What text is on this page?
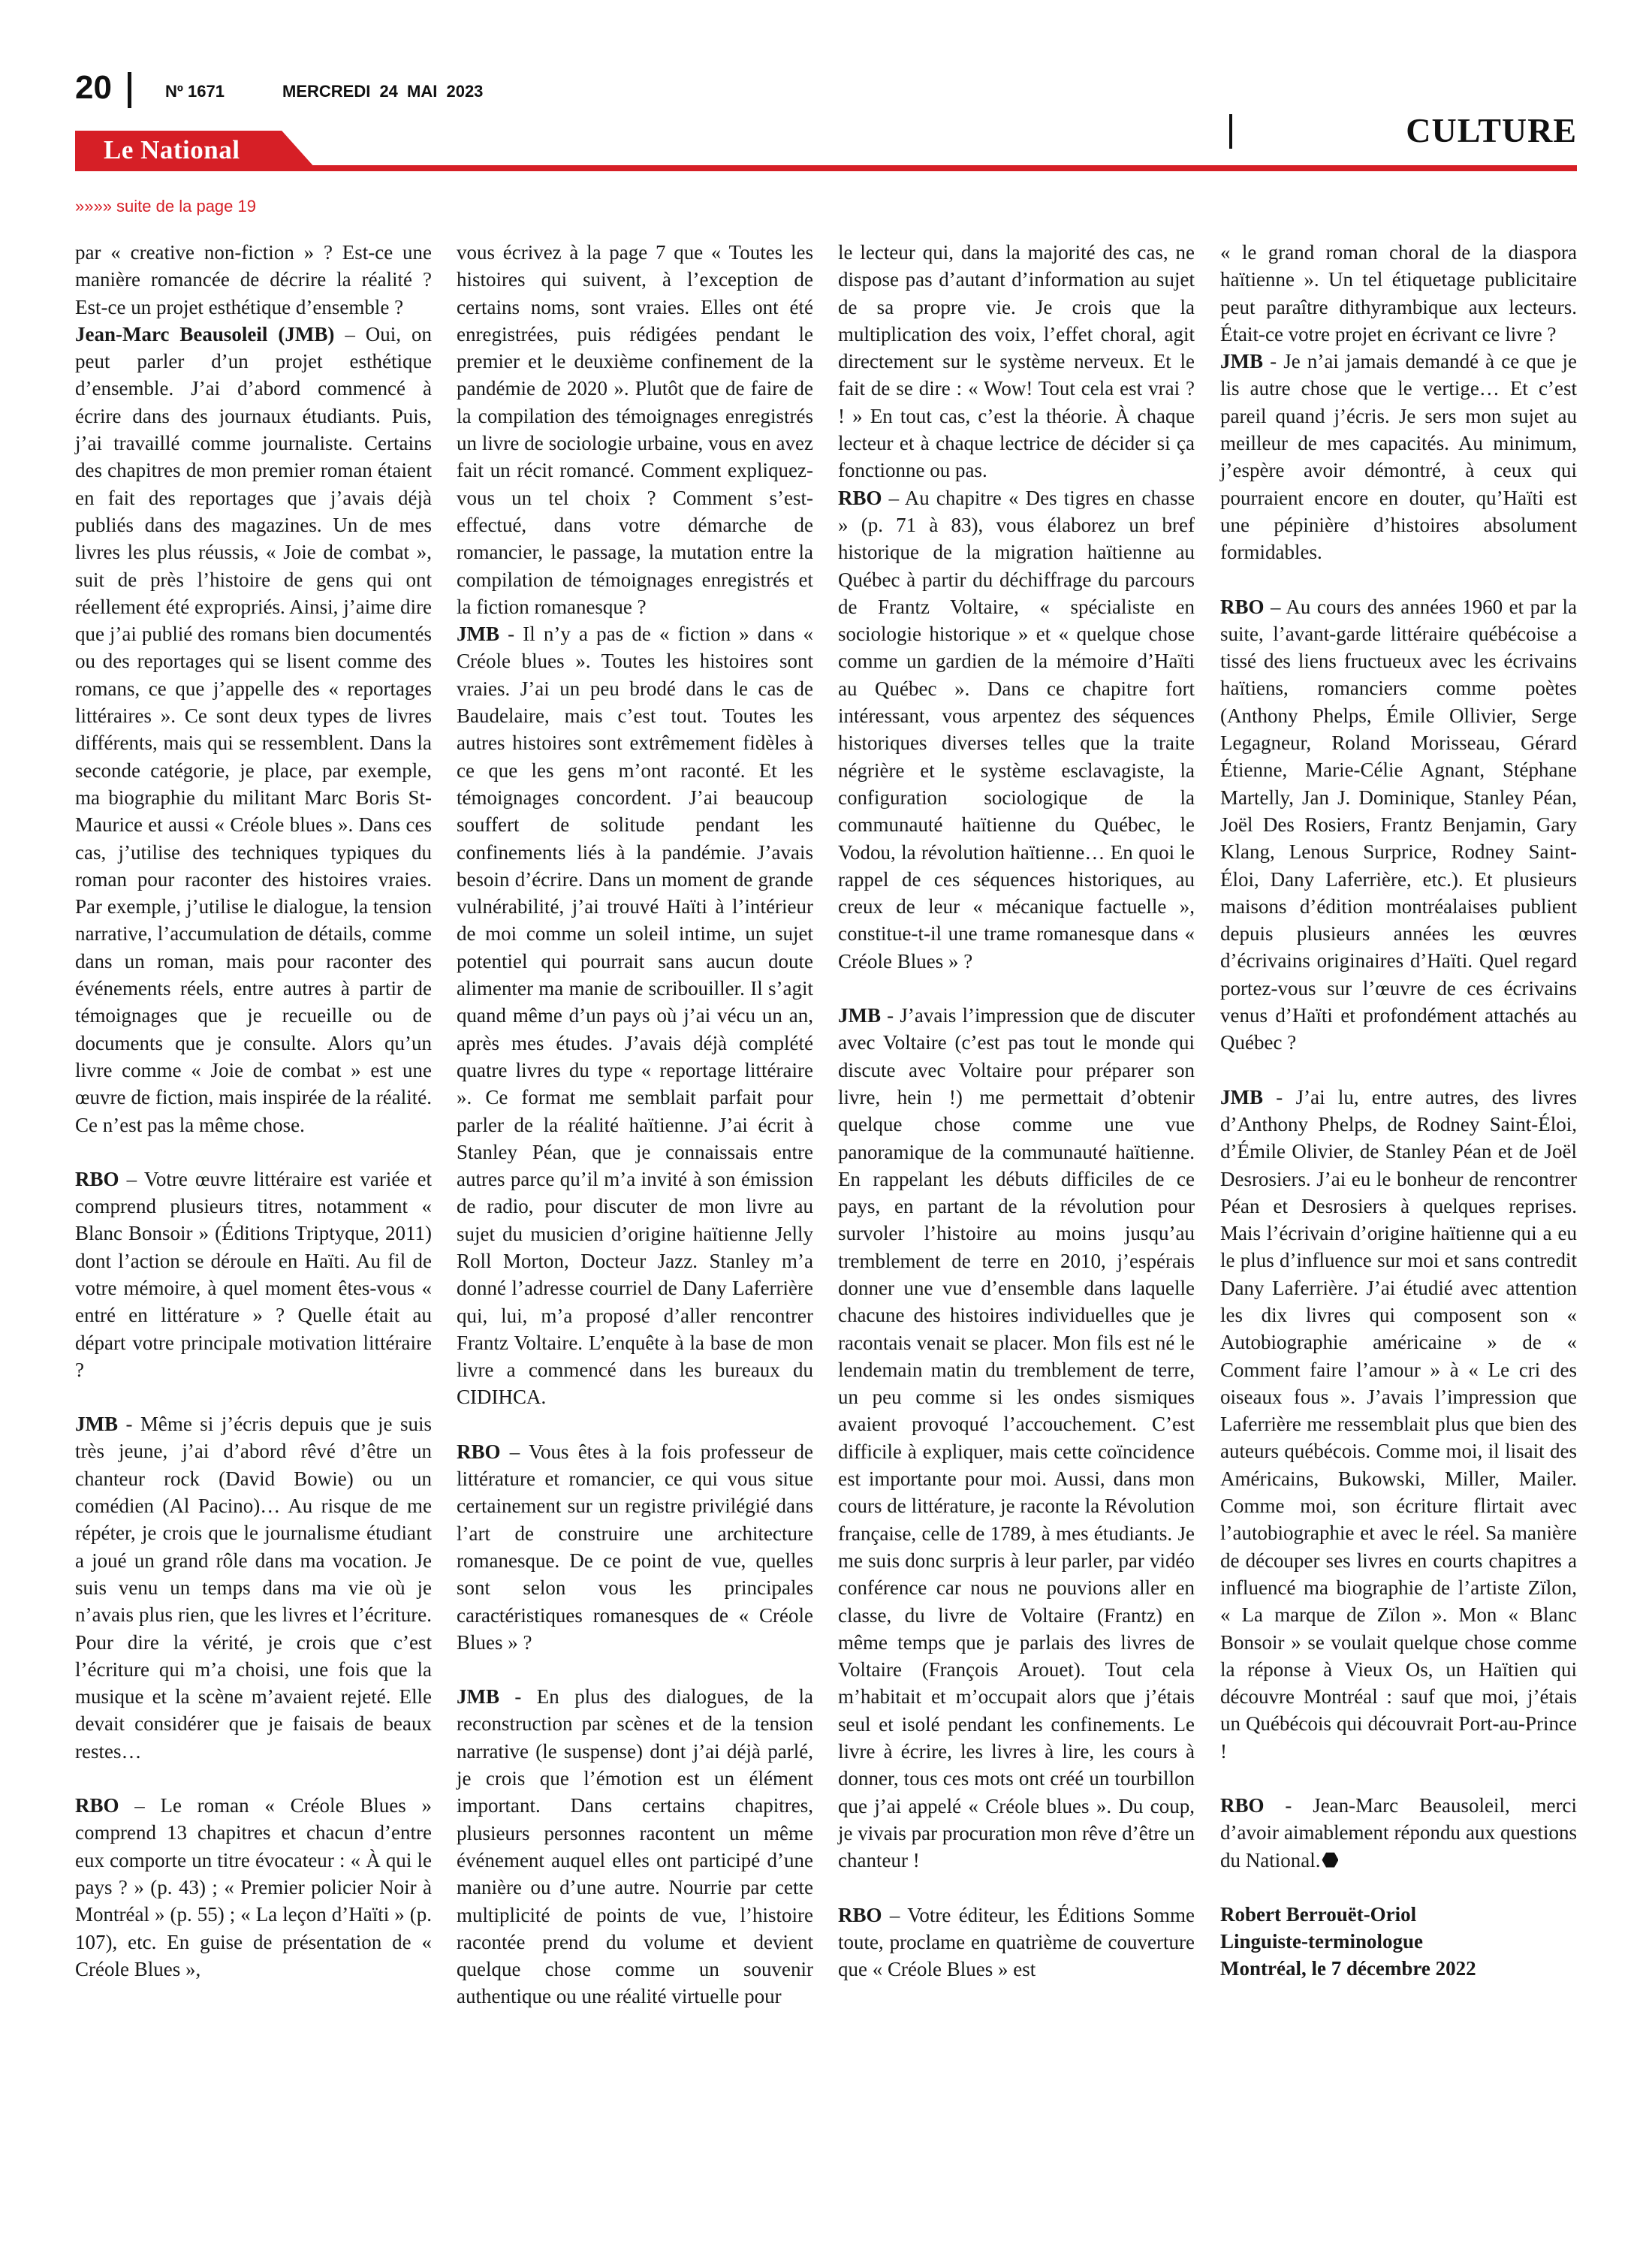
20	Nº 1671	MERCREDI 24 MAI 2023
Le National
CULTURE
»»»» suite de la page 19

par « creative non-fiction » ? Est-ce une manière romancée de décrire la réalité ? Est-ce un projet esthétique d’ensemble ?

Jean-Marc Beausoleil (JMB) – Oui, on peut parler d’un projet esthétique d’ensemble. J’ai d’abord commencé à écrire dans des journaux étudiants. Puis, j’ai travaillé comme journaliste. Certains des chapitres de mon premier roman étaient en fait des reportages que j’avais déjà publiés dans des magazines. Un de mes livres les plus réussis, « Joie de combat », suit de près l’histoire de gens qui ont réellement été expropriés. Ainsi, j’aime dire que j’ai publié des romans bien documentés ou des reportages qui se lisent comme des romans, ce que j’appelle des « reportages littéraires ». Ce sont deux types de livres différents, mais qui se ressemblent. Dans la seconde catégorie, je place, par exemple, ma biographie du militant Marc Boris St-Maurice et aussi « Créole blues ». Dans ces cas, j’utilise des techniques typiques du roman pour raconter des histoires vraies. Par exemple, j’utilise le dialogue, la tension narrative, l’accumulation de détails, comme dans un roman, mais pour raconter des événements réels, entre autres à partir de témoignages que je recueille ou de documents que je consulte. Alors qu’un livre comme « Joie de combat » est une œuvre de fiction, mais inspirée de la réalité. Ce n’est pas la même chose.

RBO – Votre œuvre littéraire est variée et comprend plusieurs titres, notamment « Blanc Bonsoir » (Éditions Triptyque, 2011) dont l’action se déroule en Haïti. Au fil de votre mémoire, à quel moment êtes-vous « entré en littérature » ? Quelle était au départ votre principale motivation littéraire ?

JMB - Même si j’écris depuis que je suis très jeune, j’ai d’abord rêvé d’être un chanteur rock (David Bowie) ou un comédien (Al Pacino)… Au risque de me répéter, je crois que le journalisme étudiant a joué un grand rôle dans ma vocation. Je suis venu un temps dans ma vie où je n’avais plus rien, que les livres et l’écriture. Pour dire la vérité, je crois que c’est l’écriture qui m’a choisi, une fois que la musique et la scène m’avaient rejeté. Elle devait considérer que je faisais de beaux restes…

RBO – Le roman « Créole Blues » comprend 13 chapitres et chacun d’entre eux comporte un titre évocateur : « À qui le pays ? » (p. 43) ; « Premier policier Noir à Montréal » (p. 55) ; « La leçon d’Haïti » (p. 107), etc. En guise de présentation de « Créole Blues »,

vous écrivez à la page 7 que « Toutes les histoires qui suivent, à l’exception de certains noms, sont vraies. Elles ont été enregistrées, puis rédigées pendant le premier et le deuxième confinement de la pandémie de 2020 ». Plutôt que de faire de la compilation des témoignages enregistrés un livre de sociologie urbaine, vous en avez fait un récit romancé. Comment expliquez-vous un tel choix ? Comment s’est-effectué, dans votre démarche de romancier, le passage, la mutation entre la compilation de témoignages enregistrés et la fiction romanesque ?

JMB - Il n’y a pas de « fiction » dans « Créole blues ». Toutes les histoires sont vraies. J’ai un peu brodé dans le cas de Baudelaire, mais c’est tout. Toutes les autres histoires sont extrêmement fidèles à ce que les gens m’ont raconté. Et les témoignages concordent. J’ai beaucoup souffert de solitude pendant les confinements liés à la pandémie. J’avais besoin d’écrire. Dans un moment de grande vulnérabilité, j’ai trouvé Haïti à l’intérieur de moi comme un soleil intime, un sujet potentiel qui pourrait sans aucun doute alimenter ma manie de scribouiller. Il s’agit quand même d’un pays où j’ai vécu un an, après mes études. J’avais déjà complété quatre livres du type « reportage littéraire ». Ce format me semblait parfait pour parler de la réalité haïtienne. J’ai écrit à Stanley Péan, que je connaissais entre autres parce qu’il m’a invité à son émission de radio, pour discuter de mon livre au sujet du musicien d’origine haïtienne Jelly Roll Morton, Docteur Jazz. Stanley m’a donné l’adresse courriel de Dany Laferrière qui, lui, m’a proposé d’aller rencontrer Frantz Voltaire. L’enquête à la base de mon livre a commencé dans les bureaux du CIDIHCA.

RBO – Vous êtes à la fois professeur de littérature et romancier, ce qui vous situe certainement sur un registre privilégié dans l’art de construire une architecture romanesque. De ce point de vue, quelles sont selon vous les principales caractéristiques romanesques de « Créole Blues » ?

JMB - En plus des dialogues, de la reconstruction par scènes et de la tension narrative (le suspense) dont j’ai déjà parlé, je crois que l’émotion est un élément important. Dans certains chapitres, plusieurs personnes racontent un même événement auquel elles ont participé d’une manière ou d’une autre. Nourrie par cette multiplicité de points de vue, l’histoire racontée prend du volume et devient quelque chose comme un souvenir authentique ou une réalité virtuelle pour

le lecteur qui, dans la majorité des cas, ne dispose pas d’autant d’information au sujet de sa propre vie. Je crois que la multiplication des voix, l’effet choral, agit directement sur le système nerveux. Et le fait de se dire : « Wow! Tout cela est vrai ? ! » En tout cas, c’est la théorie. À chaque lecteur et à chaque lectrice de décider si ça fonctionne ou pas.

RBO – Au chapitre « Des tigres en chasse » (p. 71 à 83), vous élaborez un bref historique de la migration haïtienne au Québec à partir du déchiffrage du parcours de Frantz Voltaire, « spécialiste en sociologie historique » et « quelque chose comme un gardien de la mémoire d’Haïti au Québec ». Dans ce chapitre fort intéressant, vous arpentez des séquences historiques diverses telles que la traite négrière et le système esclavagiste, la configuration sociologique de la communauté haïtienne du Québec, le Vodou, la révolution haïtienne… En quoi le rappel de ces séquences historiques, au creux de leur « mécanique factuelle », constitue-t-il une trame romanesque dans « Créole Blues » ?

JMB - J’avais l’impression que de discuter avec Voltaire (c’est pas tout le monde qui discute avec Voltaire pour préparer son livre, hein !) me permettait d’obtenir quelque chose comme une vue panoramique de la communauté haïtienne. En rappelant les débuts difficiles de ce pays, en partant de la révolution pour survoler l’histoire au moins jusqu’au tremblement de terre en 2010, j’espérais donner une vue d’ensemble dans laquelle chacune des histoires individuelles que je racontais venait se placer. Mon fils est né le lendemain matin du tremblement de terre, un peu comme si les ondes sismiques avaient provoqué l’accouchement. C’est difficile à expliquer, mais cette coïncidence est importante pour moi. Aussi, dans mon cours de littérature, je raconte la Révolution française, celle de 1789, à mes étudiants. Je me suis donc surpris à leur parler, par vidéo conférence car nous ne pouvions aller en classe, du livre de Voltaire (Frantz) en même temps que je parlais des livres de Voltaire (François Arouet). Tout cela m’habitait et m’occupait alors que j’étais seul et isolé pendant les confinements. Le livre à écrire, les livres à lire, les cours à donner, tous ces mots ont créé un tourbillon que j’ai appelé « Créole blues ». Du coup, je vivais par procuration mon rêve d’être un chanteur !

RBO – Votre éditeur, les Éditions Somme toute, proclame en quatrième de couverture que « Créole Blues » est

« le grand roman choral de la diaspora haïtienne ». Un tel étiquetage publicitaire peut paraître dithyrambique aux lecteurs. Était-ce votre projet en écrivant ce livre ?

JMB - Je n’ai jamais demandé à ce que je lis autre chose que le vertige… Et c’est pareil quand j’écris. Je sers mon sujet au meilleur de mes capacités. Au minimum, j’espère avoir démontré, à ceux qui pourraient encore en douter, qu’Haïti est une pépinière d’histoires absolument formidables.

RBO – Au cours des années 1960 et par la suite, l’avant-garde littéraire québécoise a tissé des liens fructueux avec les écrivains haïtiens, romanciers comme poètes (Anthony Phelps, Émile Ollivier, Serge Legagneur, Roland Morisseau, Gérard Étienne, Marie-Célie Agnant, Stéphane Martelly, Jan J. Dominique, Stanley Péan, Joël Des Rosiers, Frantz Benjamin, Gary Klang, Lenous Surprice, Rodney Saint-Éloi, Dany Laferrière, etc.). Et plusieurs maisons d’édition montréalaises publient depuis plusieurs années les œuvres d’écrivains originaires d’Haïti. Quel regard portez-vous sur l’œuvre de ces écrivains venus d’Haïti et profondément attachés au Québec ?

JMB - J’ai lu, entre autres, des livres d’Anthony Phelps, de Rodney Saint-Éloi, d’Émile Olivier, de Stanley Péan et de Joël Desrosiers. J’ai eu le bonheur de rencontrer Péan et Desrosiers à quelques reprises. Mais l’écrivain d’origine haïtienne qui a eu le plus d’influence sur moi et sans contredit Dany Laferrière. J’ai étudié avec attention les dix livres qui composent son « Autobiographie américaine » de « Comment faire l’amour » à « Le cri des oiseaux fous ». J’avais l’impression que Laferrière me ressemblait plus que bien des auteurs québécois. Comme moi, il lisait des Américains, Bukowski, Miller, Mailer. Comme moi, son écriture flirtait avec l’autobiographie et avec le réel. Sa manière de découper ses livres en courts chapitres a influencé ma biographie de l’artiste Zïlon, « La marque de Zïlon ». Mon « Blanc Bonsoir » se voulait quelque chose comme la réponse à Vieux Os, un Haïtien qui découvre Montréal : sauf que moi, j’étais un Québécois qui découvrait Port-au-Prince !

RBO - Jean-Marc Beausoleil, merci d’avoir aimablement répondu aux questions du National.

Robert Berrouët-Oriol
Linguiste-terminologue
Montréal, le 7 décembre 2022
